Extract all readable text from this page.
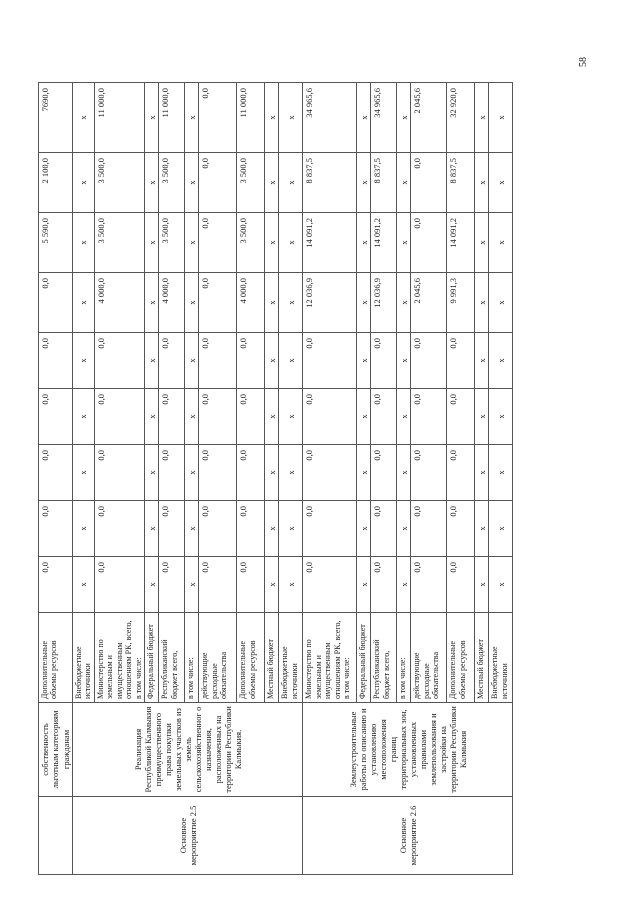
	собственность льготным категориям гражданам	Дополнительные объемы ресурсов	0,0	0,0	0,0	0,0	0,0	0,0	5 590,0	2 100,0	7690,0
Основное мероприятие 2.5	Реализация Республикой Калмыкия преимущественного права покупки земельных участков из земель сельскохозяйственног о назначения, расположенных на территории Республики Калмыкия.	Внебюджетные источники	x	x	x	x	x	x	x	x	x
		Министерство по земельным и имущественным отношениям РК, всего, в том числе:	0,0	0,0	0,0	0,0	0,0	4 000,0	3 500,0	3 500,0	11 000,0
		Федеральный бюджет	x	x	x	x	x	x	x	x	x
		Республиканский бюджет всего,	0,0	0,0	0,0	0,0	0,0	4 000,0	3 500,0	3 500,0	11 000,0
		в том числе:	x	x	x	x	x	x	x	x	x
		действующие расходные обязательства	0,0	0,0	0,0	0,0	0,0	0,0	0,0	0,0	0,0
		Дополнительные объемы ресурсов	0,0	0,0	0,0	0,0	0,0	4 000,0	3 500,0	3 500,0	11 000,0
		Местный бюджет	x	x	x	x	x	x	x	x	x
		Внебюджетные источники	x	x	x	x	x	x	x	x	x
Основное мероприятие 2.6	Землеустроительные работы по описанию и установлению местоположения границ территориальных зон, установленных правилами землепользования и застройки на территории Республики Калмыкия	Министерство по земельным и имущественным отношениям РК, всего, в том числе:	0,0	0,0	0,0	0,0	0,0	12 036,9	14 091,2	8 837,5	34 965,6
		Федеральный бюджет	x	x	x	x	x	x	x	x	x
		Республиканский бюджет всего,	0,0	0,0	0,0	0,0	0,0	12 036,9	14 091,2	8 837,5	34 965,6
		в том числе:	x	x	x	x	x	x	x	x	x
		действующие расходные обязательства	0,0	0,0	0,0	0,0	0,0	2 045,6	0,0	0,0	2 045,6
		Дополнительные объемы ресурсов	0,0	0,0	0,0	0,0	0,0	9 991,3	14 091,2	8 837,5	32 920,0
		Местный бюджет	x	x	x	x	x	x	x	x	x
		Внебюджетные источники	x	x	x	x	x	x	x	x	x
58
